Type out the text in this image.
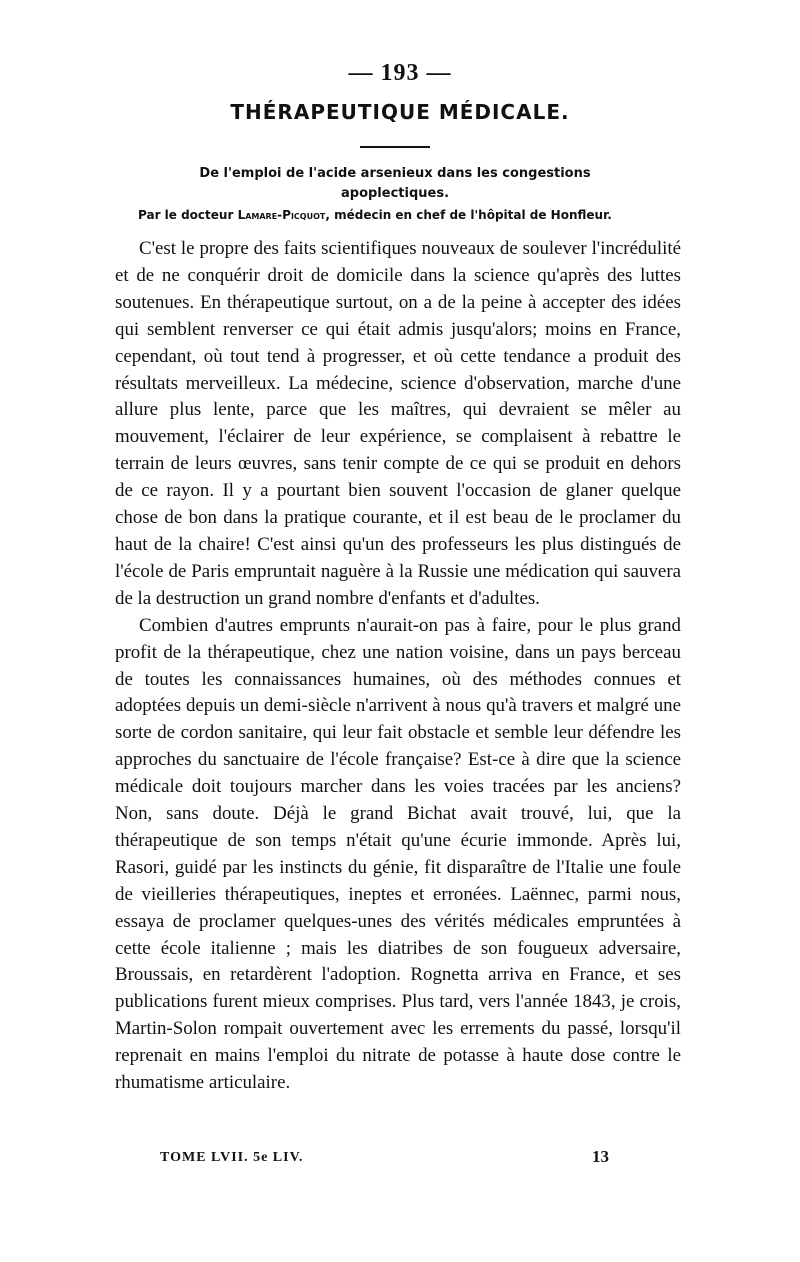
— 193 —
THÉRAPEUTIQUE MÉDICALE.
De l'emploi de l'acide arsenieux dans les congestions apoplectiques.
Par le docteur Lamare-Picquot, médecin en chef de l'hôpital de Honfleur.

C'est le propre des faits scientifiques nouveaux de soulever l'incrédulité et de ne conquérir droit de domicile dans la science qu'après des luttes soutenues. En thérapeutique surtout, on a de la peine à accepter des idées qui semblent renverser ce qui était admis jusqu'alors; moins en France, cependant, où tout tend à progresser, et où cette tendance a produit des résultats merveilleux. La médecine, science d'observation, marche d'une allure plus lente, parce que les maîtres, qui devraient se mêler au mouvement, l'éclairer de leur expérience, se complaisent à rebattre le terrain de leurs œuvres, sans tenir compte de ce qui se produit en dehors de ce rayon. Il y a pourtant bien souvent l'occasion de glaner quelque chose de bon dans la pratique courante, et il est beau de le proclamer du haut de la chaire! C'est ainsi qu'un des professeurs les plus distingués de l'école de Paris empruntait naguère à la Russie une médication qui sauvera de la destruction un grand nombre d'enfants et d'adultes.

Combien d'autres emprunts n'aurait-on pas à faire, pour le plus grand profit de la thérapeutique, chez une nation voisine, dans un pays berceau de toutes les connaissances humaines, où des méthodes connues et adoptées depuis un demi-siècle n'arrivent à nous qu'à travers et malgré une sorte de cordon sanitaire, qui leur fait obstacle et semble leur défendre les approches du sanctuaire de l'école française? Est-ce à dire que la science médicale doit toujours marcher dans les voies tracées par les anciens? Non, sans doute. Déjà le grand Bichat avait trouvé, lui, que la thérapeutique de son temps n'était qu'une écurie immonde. Après lui, Rasori, guidé par les instincts du génie, fit disparaître de l'Italie une foule de vieilleries thérapeutiques, ineptes et erronées. Laënnec, parmi nous, essaya de proclamer quelques-unes des vérités médicales empruntées à cette école italienne ; mais les diatribes de son fougueux adversaire, Broussais, en retardèrent l'adoption. Rognetta arriva en France, et ses publications furent mieux comprises. Plus tard, vers l'année 1843, je crois, Martin-Solon rompait ouvertement avec les errements du passé, lorsqu'il reprenait en mains l'emploi du nitrate de potasse à haute dose contre le rhumatisme articulaire.

TOME LVII. 5e LIV.	13
